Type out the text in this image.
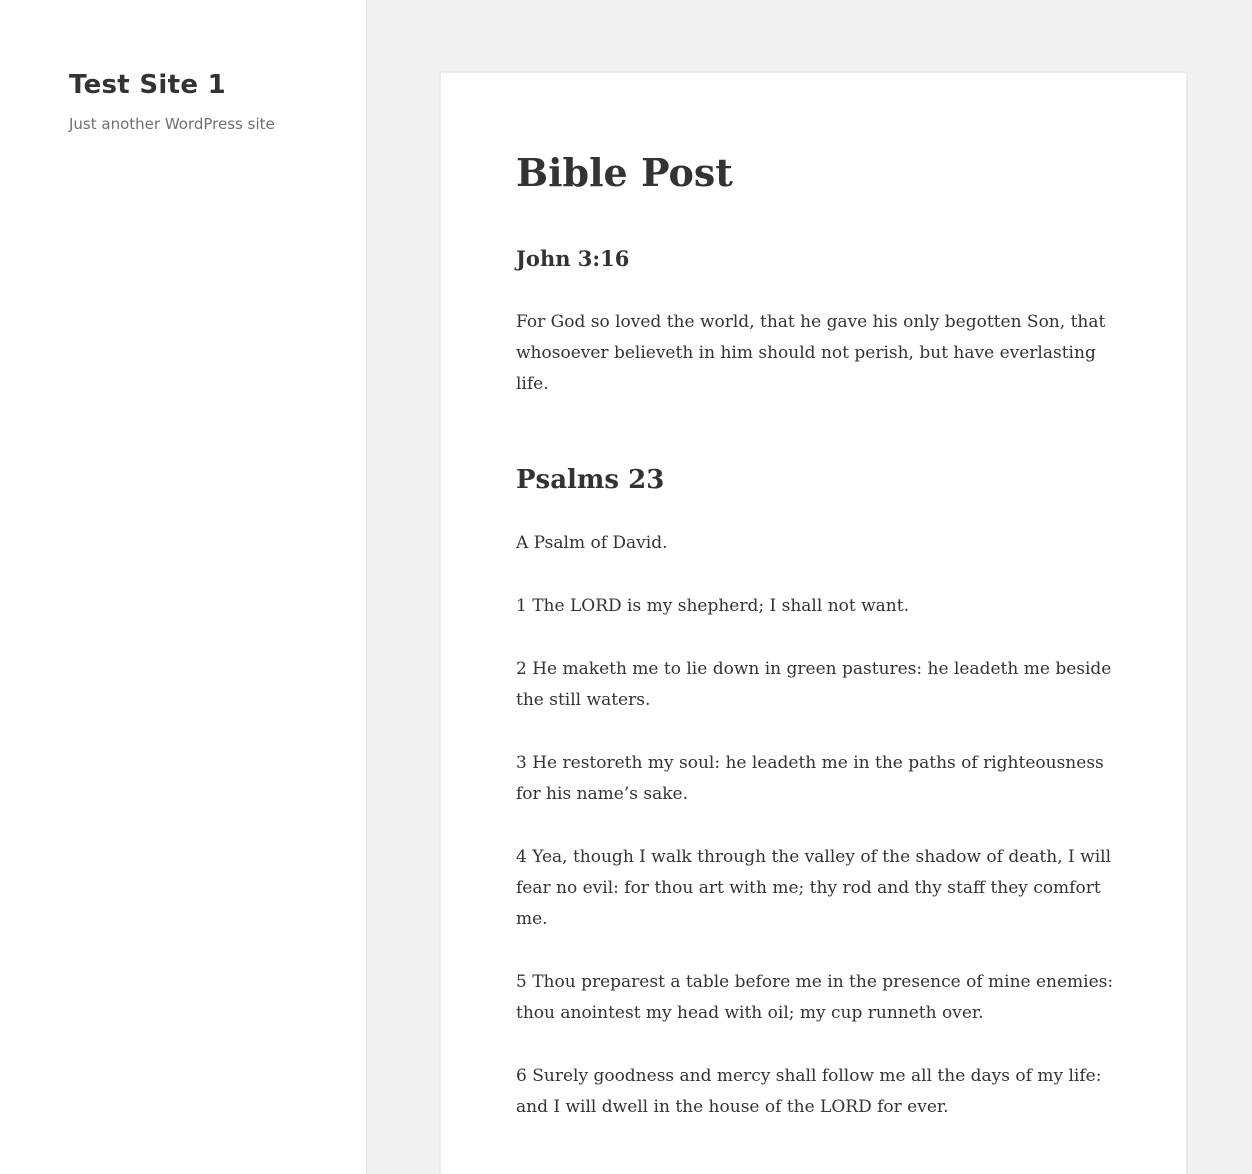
Test Site 1

Just another WordPress site

Bible Post
John 3:16

For God so loved the world, that he gave his only begotten Son, that whosoever believeth in him should not perish, but have everlasting life.

Psalms 23

A Psalm of David.

1 The LORD is my shepherd; I shall not want.

2 He maketh me to lie down in green pastures: he leadeth me beside the still waters.

3 He restoreth my soul: he leadeth me in the paths of righteousness for his name’s sake.

4 Yea, though I walk through the valley of the shadow of death, I will fear no evil: for thou art with me; thy rod and thy staff they comfort me.

5 Thou preparest a table before me in the presence of mine enemies: thou anointest my head with oil; my cup runneth over.

6 Surely goodness and mercy shall follow me all the days of my life: and I will dwell in the house of the LORD for ever.
